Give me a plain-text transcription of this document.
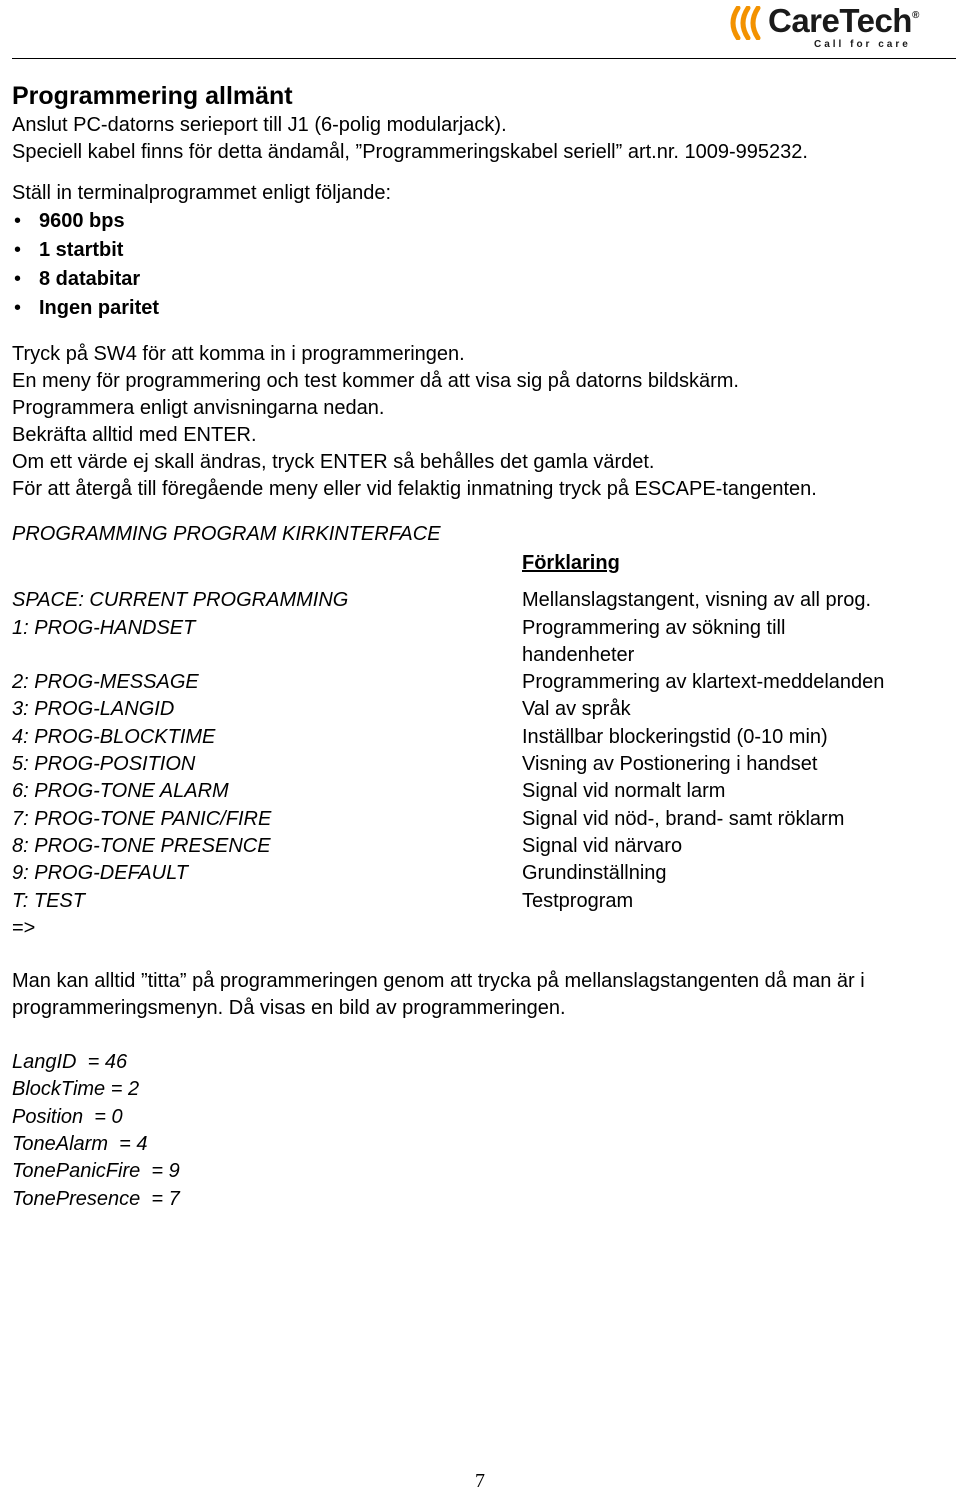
CareTech®
Call for care
Programmering allmänt

Anslut PC-datorns serieport till J1 (6-polig modularjack).

Speciell kabel finns för detta ändamål, ”Programmeringskabel seriell” art.nr. 1009-995232.

Ställ in terminalprogrammet enligt följande:

• 9600 bps
• 1 startbit
• 8 databitar
• Ingen paritet

Tryck på SW4 för att komma in i programmeringen.

En meny för programmering och test kommer då att visa sig på datorns bildskärm.

Programmera enligt anvisningarna nedan.

Bekräfta alltid med ENTER.

Om ett värde ej skall ändras, tryck ENTER så behålles det gamla värdet.

För att återgå till föregående meny eller vid felaktig inmatning tryck på ESCAPE-tangenten.

PROGRAMMING PROGRAM KIRKINTERFACE

Förklaring
SPACE: CURRENT PROGRAMMING	Mellanslagstangent, visning av all prog.
1: PROG-HANDSET	Programmering av sökning till handenheter
2: PROG-MESSAGE	Programmering av klartext-meddelanden
3: PROG-LANGID	Val av språk
4: PROG-BLOCKTIME	Inställbar blockeringstid (0-10 min)
5: PROG-POSITION	Visning av Postionering i handset
6: PROG-TONE ALARM	Signal vid normalt larm
7: PROG-TONE PANIC/FIRE	Signal vid nöd-, brand- samt röklarm
8: PROG-TONE PRESENCE	Signal vid närvaro
9: PROG-DEFAULT	Grundinställning
T: TEST	Testprogram
=>

Man kan alltid ”titta” på programmeringen genom att trycka på mellanslagstangenten då man är i programmeringsmenyn. Då visas en bild av programmeringen.

LangID  = 46
BlockTime = 2
Position  = 0
ToneAlarm  = 4
TonePanicFire  = 9
TonePresence  = 7
7
